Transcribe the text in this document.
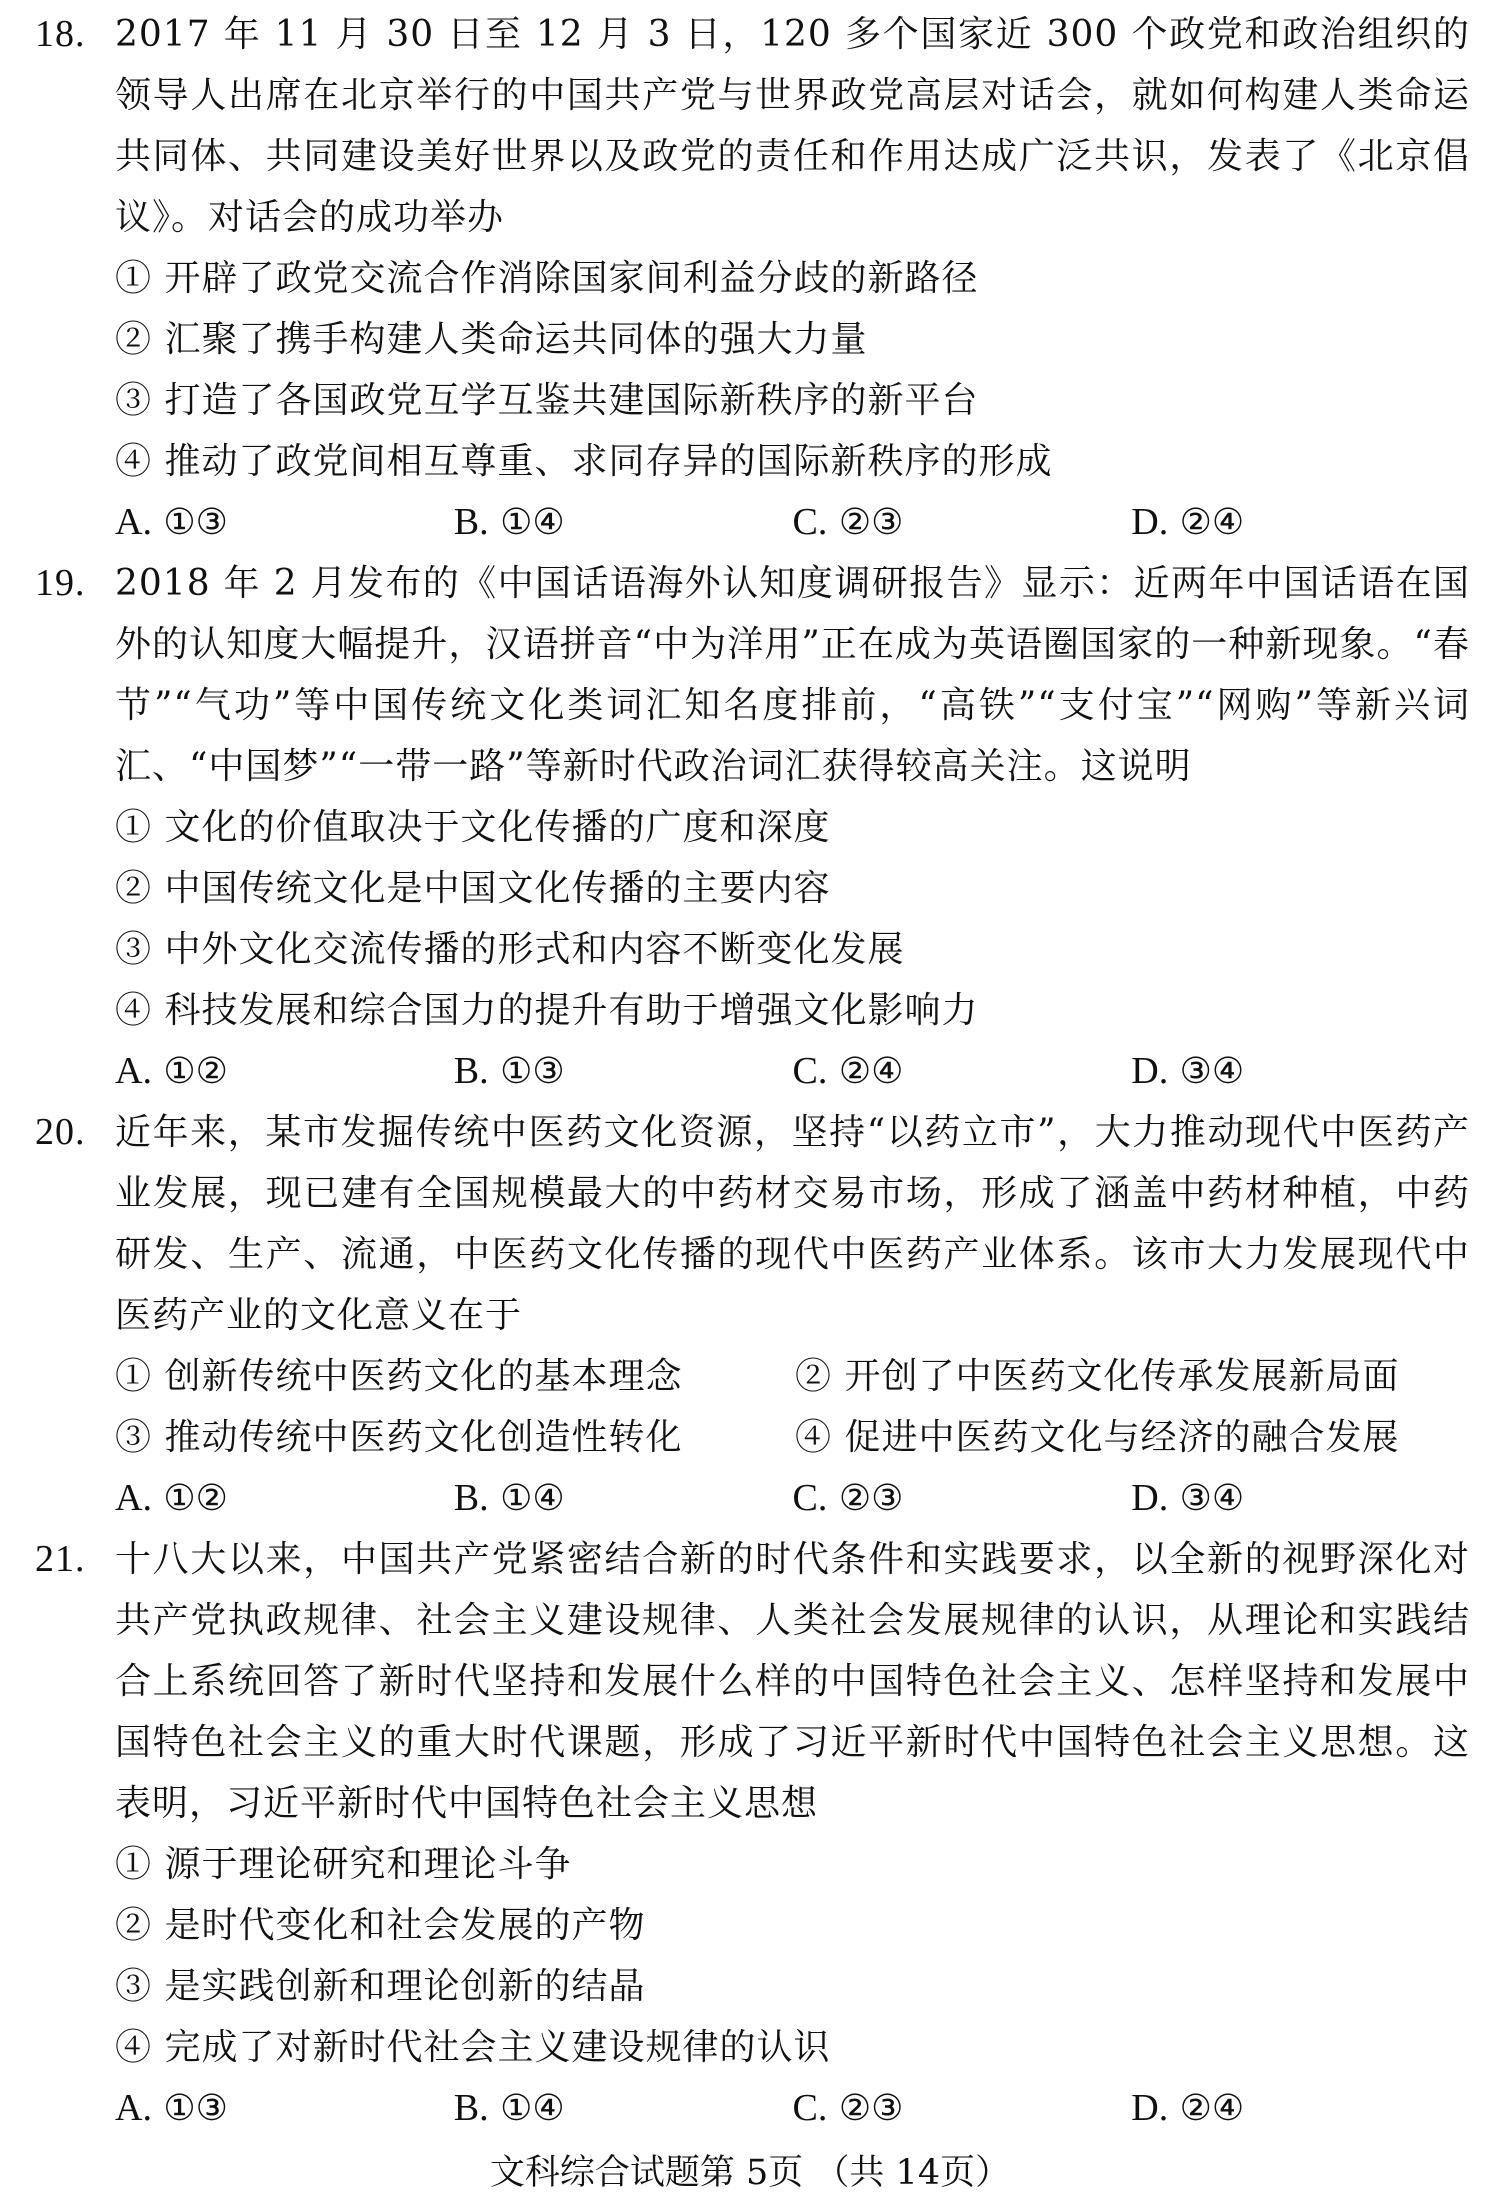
18. 2017 年 11 月 30 日至 12 月 3 日，120 多个国家近 300 个政党和政治组织的领导人出席在北京举行的中国共产党与世界政党高层对话会，就如何构建人类命运共同体、共同建设美好世界以及政党的责任和作用达成广泛共识，发表了《北京倡议》。对话会的成功举办
① 开辟了政党交流合作消除国家间利益分歧的新路径
② 汇聚了携手构建人类命运共同体的强大力量
③ 打造了各国政党互学互鉴共建国际新秩序的新平台
④ 推动了政党间相互尊重、求同存异的国际新秩序的形成
A. ①③	B. ①④	C. ②③	D. ②④
19. 2018 年 2 月发布的《中国话语海外认知度调研报告》显示：近两年中国话语在国外的认知度大幅提升，汉语拼音“中为洋用”正在成为英语圈国家的一种新现象。“春节”“气功”等中国传统文化类词汇知名度排前，“高铁”“支付宝”“网购”等新兴词汇、“中国梦”“一带一路”等新时代政治词汇获得较高关注。这说明
① 文化的价值取决于文化传播的广度和深度
② 中国传统文化是中国文化传播的主要内容
③ 中外文化交流传播的形式和内容不断变化发展
④ 科技发展和综合国力的提升有助于增强文化影响力
A. ①②	B. ①③	C. ②④	D. ③④
20. 近年来，某市发掘传统中医药文化资源，坚持“以药立市”，大力推动现代中医药产业发展，现已建有全国规模最大的中药材交易市场，形成了涵盖中药材种植，中药研发、生产、流通，中医药文化传播的现代中医药产业体系。该市大力发展现代中医药产业的文化意义在于
① 创新传统中医药文化的基本理念	② 开创了中医药文化传承发展新局面
③ 推动传统中医药文化创造性转化	④ 促进中医药文化与经济的融合发展
A. ①②	B. ①④	C. ②③	D. ③④
21. 十八大以来，中国共产党紧密结合新的时代条件和实践要求，以全新的视野深化对共产党执政规律、社会主义建设规律、人类社会发展规律的认识，从理论和实践结合上系统回答了新时代坚持和发展什么样的中国特色社会主义、怎样坚持和发展中国特色社会主义的重大时代课题，形成了习近平新时代中国特色社会主义思想。这表明，习近平新时代中国特色社会主义思想
① 源于理论研究和理论斗争
② 是时代变化和社会发展的产物
③ 是实践创新和理论创新的结晶
④ 完成了对新时代社会主义建设规律的认识
A. ①③	B. ①④	C. ②③	D. ②④
文科综合试题第 5页 （共 14页）
